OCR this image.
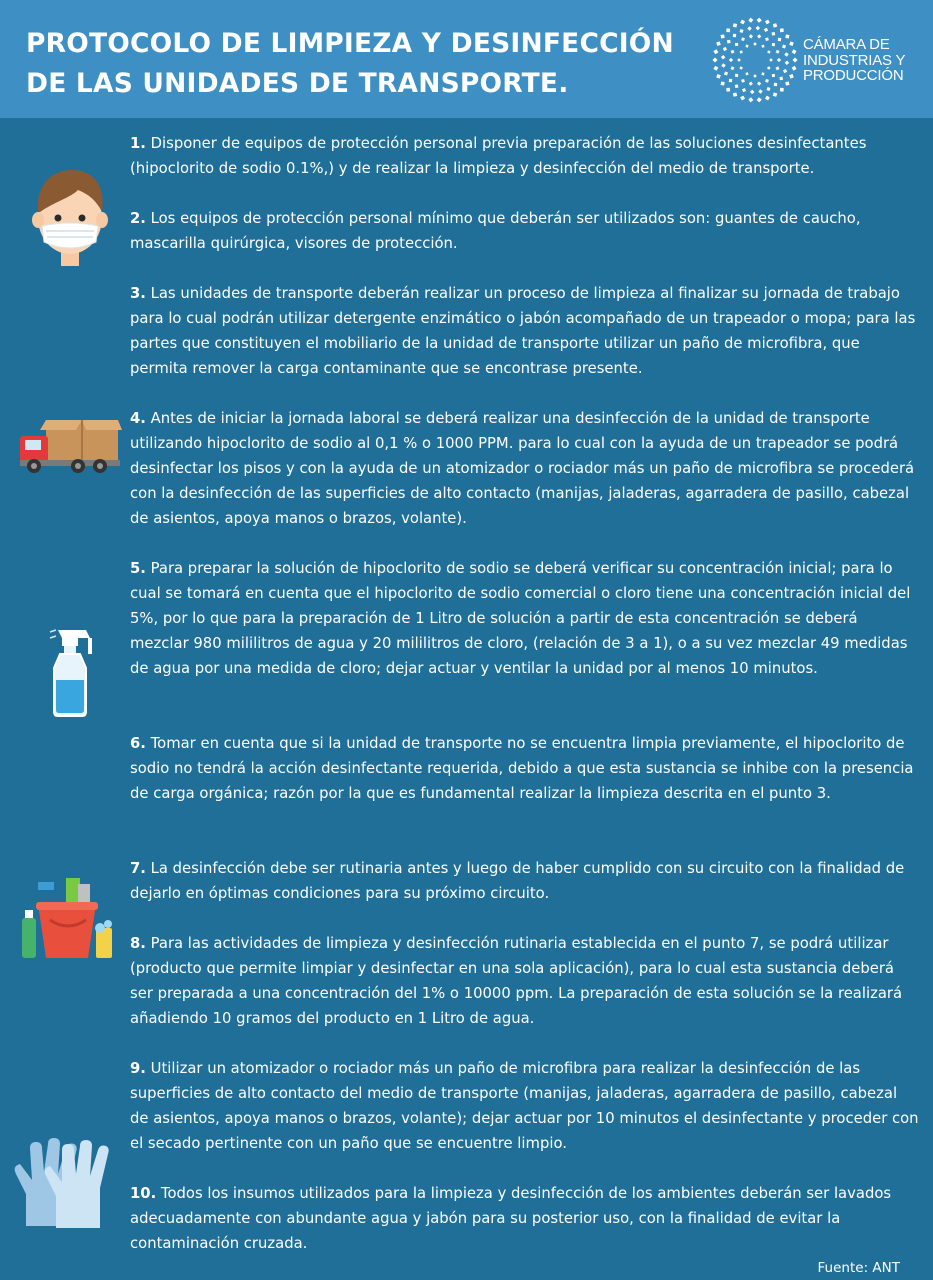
PROTOCOLO DE LIMPIEZA Y DESINFECCIÓN
DE LAS UNIDADES DE TRANSPORTE.
CÁMARA DE
INDUSTRIAS Y
PRODUCCIÓN

1. Disponer de equipos de protección personal previa preparación de las soluciones desinfectantes (hipoclorito de sodio 0.1%,) y de realizar la limpieza y desinfección del medio de transporte.

2. Los equipos de protección personal mínimo que deberán ser utilizados son: guantes de caucho, mascarilla quirúrgica, visores de protección.

3. Las unidades de transporte deberán realizar un proceso de limpieza al finalizar su jornada de trabajo para lo cual podrán utilizar detergente enzimático o jabón acompañado de un trapeador o mopa; para las partes que constituyen el mobiliario de la unidad de transporte utilizar un paño de microfibra, que permita remover la carga contaminante que se encontrase presente.

4. Antes de iniciar la jornada laboral se deberá realizar una desinfección de la unidad de transporte utilizando hipoclorito de sodio al 0,1 % o 1000 PPM. para lo cual con la ayuda de un trapeador se podrá desinfectar los pisos y con la ayuda de un atomizador o rociador más un paño de microfibra se procederá con la desinfección de las superficies de alto contacto (manijas, jaladeras, agarradera de pasillo, cabezal de asientos, apoya manos o brazos, volante).

5. Para preparar la solución de hipoclorito de sodio se deberá verificar su concentración inicial; para lo cual se tomará en cuenta que el hipoclorito de sodio comercial o cloro tiene una concentración inicial del 5%, por lo que para la preparación de 1 Litro de solución a partir de esta concentración se deberá mezclar 980 mililitros de agua y 20 mililitros de cloro, (relación de 3 a 1), o a su vez mezclar 49 medidas de agua por una medida de cloro; dejar actuar y ventilar la unidad por al menos 10 minutos.

6. Tomar en cuenta que si la unidad de transporte no se encuentra limpia previamente, el hipoclorito de sodio no tendrá la acción desinfectante requerida, debido a que esta sustancia se inhibe con la presencia de carga orgánica; razón por la que es fundamental realizar la limpieza descrita en el punto 3.

7. La desinfección debe ser rutinaria antes y luego de haber cumplido con su circuito con la finalidad de dejarlo en óptimas condiciones para su próximo circuito.

8. Para las actividades de limpieza y desinfección rutinaria establecida en el punto 7, se podrá utilizar (producto que permite limpiar y desinfectar en una sola aplicación), para lo cual esta sustancia deberá ser preparada a una concentración del 1% o 10000 ppm. La preparación de esta solución se la realizará añadiendo 10 gramos del producto en 1 Litro de agua.

9. Utilizar un atomizador o rociador más un paño de microfibra para realizar la desinfección de las superficies de alto contacto del medio de transporte (manijas, jaladeras, agarradera de pasillo, cabezal de asientos, apoya manos o brazos, volante); dejar actuar por 10 minutos el desinfectante y proceder con el secado pertinente con un paño que se encuentre limpio.

10. Todos los insumos utilizados para la limpieza y desinfección de los ambientes deberán ser lavados adecuadamente con abundante agua y jabón para su posterior uso, con la finalidad de evitar la contaminación cruzada.

Fuente: ANT
